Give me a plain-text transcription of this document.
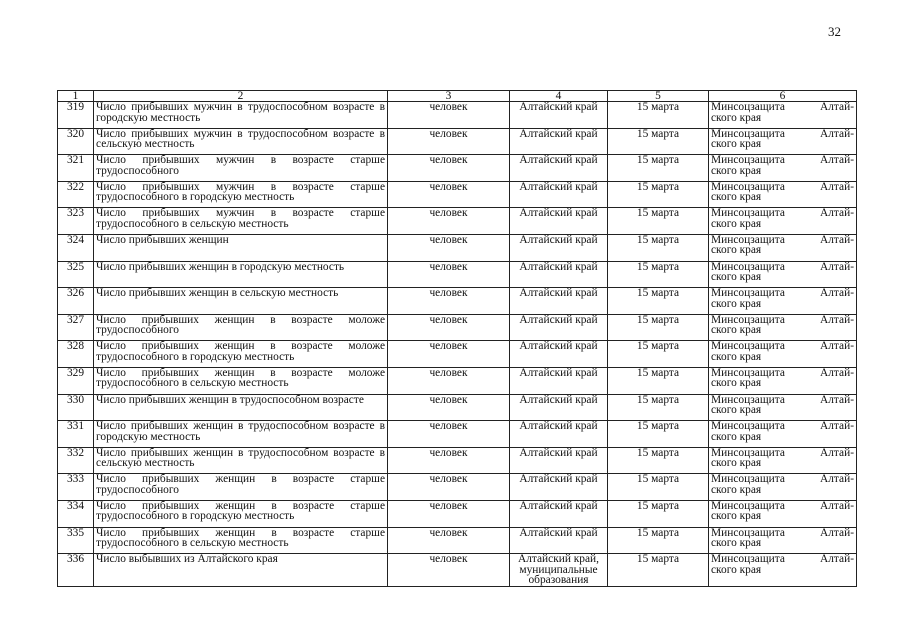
32
1	2	3	4	5	6
319	Число прибывших мужчин в трудоспособном возрасте в городскую местность	человек	Алтайский край	15 марта	Минсоцзащита Алтай-
ского края

320	Число прибывших мужчин в трудоспособном возрасте в сельскую местность	человек	Алтайский край	15 марта	Минсоцзащита Алтай-
ского края

321	Число прибывших мужчин в возрасте старше трудоспособного	человек	Алтайский край	15 марта	Минсоцзащита Алтай-
ского края

322	Число прибывших мужчин в возрасте старше трудоспособного в городскую местность	человек	Алтайский край	15 марта	Минсоцзащита Алтай-
ского края

323	Число прибывших мужчин в возрасте старше трудоспособного в сельскую местность	человек	Алтайский край	15 марта	Минсоцзащита Алтай-
ского края

324	Число прибывших женщин	человек	Алтайский край	15 марта	Минсоцзащита Алтай-
ского края

325	Число прибывших женщин в городскую местность	человек	Алтайский край	15 марта	Минсоцзащита Алтай-
ского края

326	Число прибывших женщин в сельскую местность	человек	Алтайский край	15 марта	Минсоцзащита Алтай-
ского края

327	Число прибывших женщин в возрасте моложе трудоспособного	человек	Алтайский край	15 марта	Минсоцзащита Алтай-
ского края

328	Число прибывших женщин в возрасте моложе трудоспособного в городскую местность	человек	Алтайский край	15 марта	Минсоцзащита Алтай-
ского края

329	Число прибывших женщин в возрасте моложе трудоспособного в сельскую местность	человек	Алтайский край	15 марта	Минсоцзащита Алтай-
ского края

330	Число прибывших женщин в трудоспособном возрасте	человек	Алтайский край	15 марта	Минсоцзащита Алтай-
ского края

331	Число прибывших женщин в трудоспособном возрасте в городскую местность	человек	Алтайский край	15 марта	Минсоцзащита Алтай-
ского края

332	Число прибывших женщин в трудоспособном возрасте в сельскую местность	человек	Алтайский край	15 марта	Минсоцзащита Алтай-
ского края

333	Число прибывших женщин в возрасте старше трудоспособного	человек	Алтайский край	15 марта	Минсоцзащита Алтай-
ского края

334	Число прибывших женщин в возрасте старше трудоспособного в городскую местность	человек	Алтайский край	15 марта	Минсоцзащита Алтай-
ского края

335	Число прибывших женщин в возрасте старше трудоспособного в сельскую местность	человек	Алтайский край	15 марта	Минсоцзащита Алтай-
ского края

336	Число выбывших из Алтайского края	человек	Алтайский край, муниципальные образования	15 марта	Минсоцзащита Алтай-
ского края
